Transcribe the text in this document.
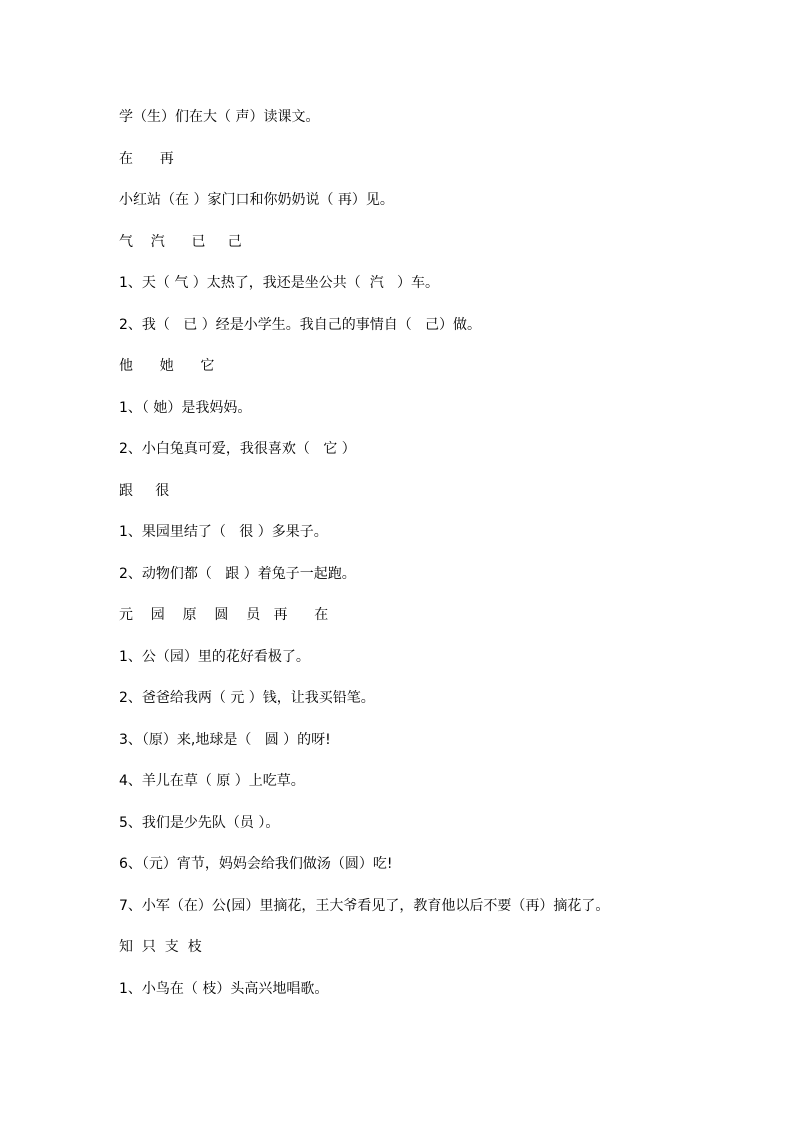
学（生）们在大（ 声）读课文。

在      再

小红站（在 ）家门口和你奶奶说（ 再）见。

气    汽      已     己

1、天（ 气 ）太热了，我还是坐公共（  汽   ）车。

2、我（   已 ）经是小学生。我自己的事情自（   己）做。

他      她      它

1、（ 她）是我妈妈。

2、小白兔真可爱，我很喜欢（   它 ）

跟     很

1、果园里结了（   很 ）多果子。

2、动物们都（   跟 ）着兔子一起跑。

元    园    原    圆    员   再      在

1、公（园）里的花好看极了。

2、爸爸给我两（ 元 ）钱，让我买铅笔。

3、（原）来,地球是（   圆 ）的呀!

4、羊儿在草（ 原 ）上吃草。

5、我们是少先队（员 ）。

6、（元）宵节，妈妈会给我们做汤（圆）吃!

7、小军（在）公(园）里摘花，王大爷看见了，教育他以后不要（再）摘花了。

知  只  支  枝

1、小鸟在（ 枝）头高兴地唱歌。
